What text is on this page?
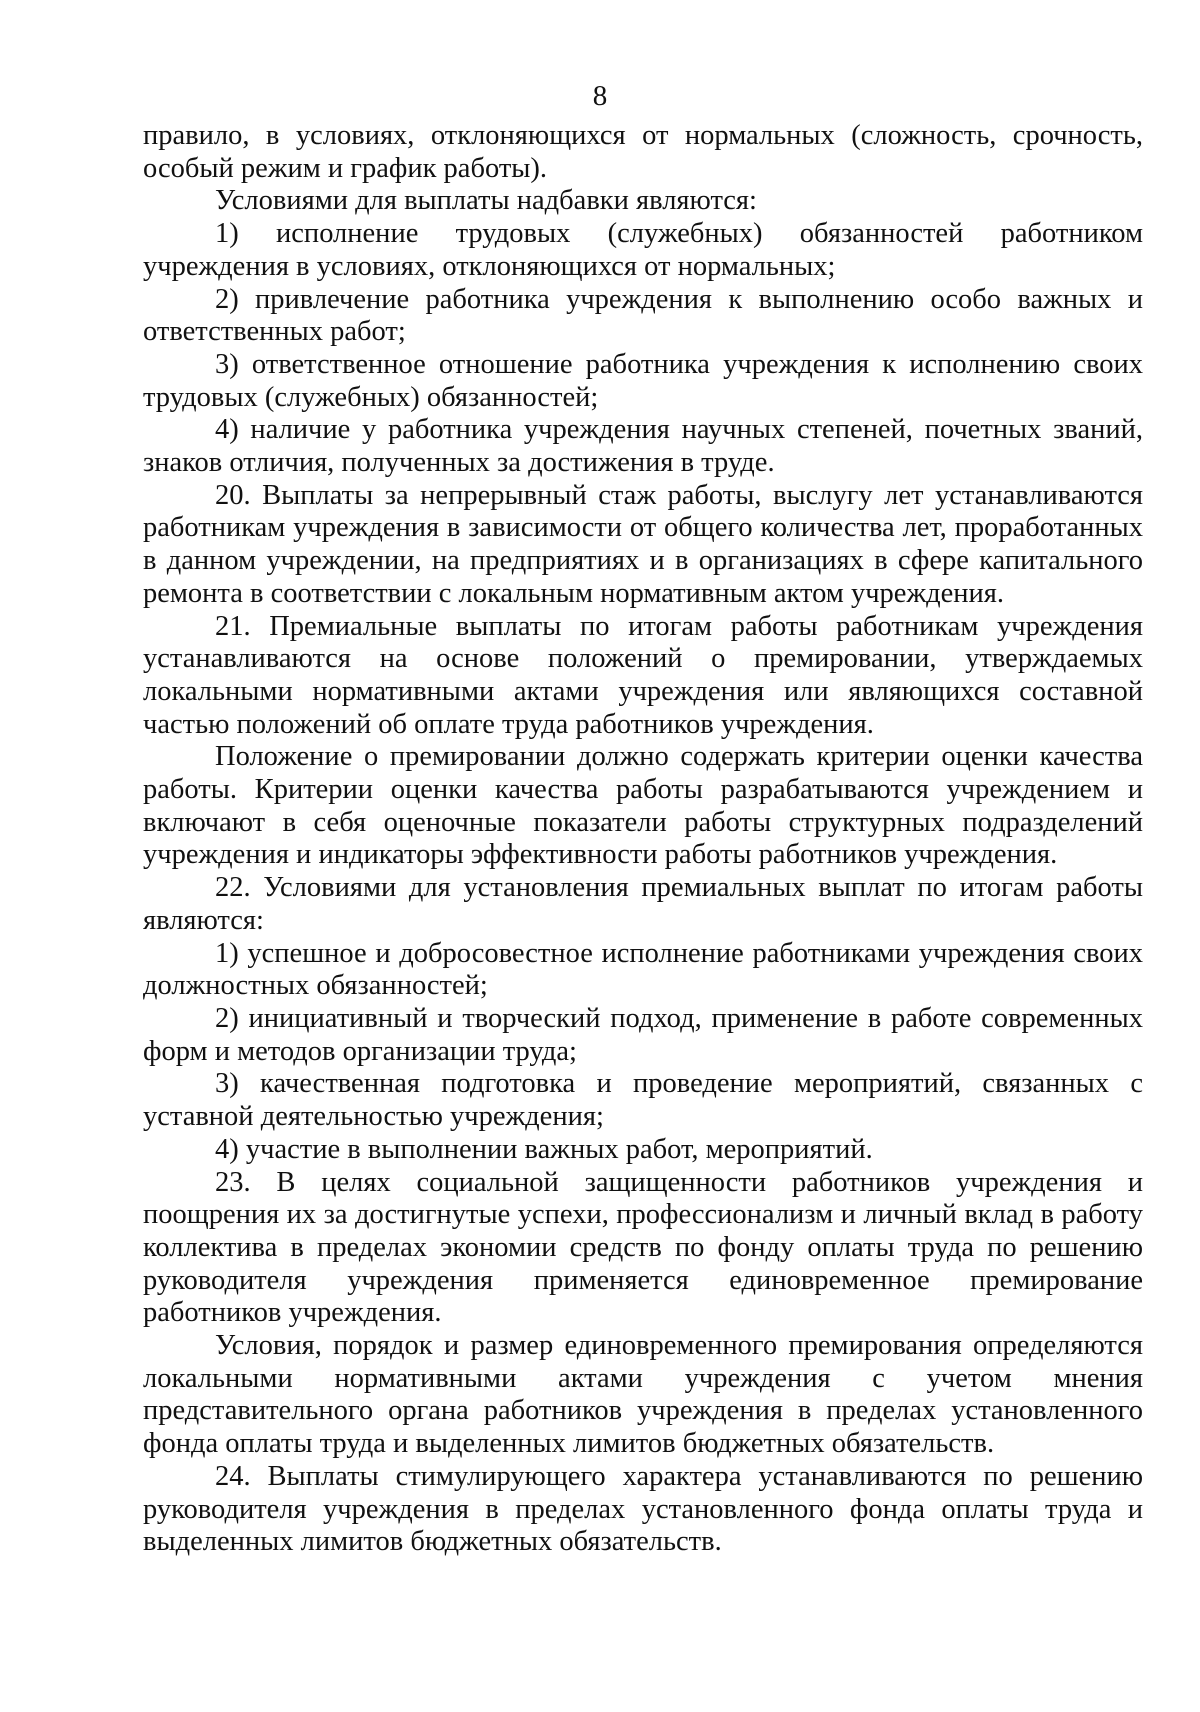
8

правило, в условиях, отклоняющихся от нормальных (сложность, срочность, особый режим и график работы).

Условиями для выплаты надбавки являются:

1) исполнение трудовых (служебных) обязанностей работником учреждения в условиях, отклоняющихся от нормальных;

2) привлечение работника учреждения к выполнению особо важных и ответственных работ;

3) ответственное отношение работника учреждения к исполнению своих трудовых (служебных) обязанностей;

4) наличие у работника учреждения научных степеней, почетных званий, знаков отличия, полученных за достижения в труде.

20. Выплаты за непрерывный стаж работы, выслугу лет устанавливаются работникам учреждения в зависимости от общего количества лет, проработанных в данном учреждении, на предприятиях и в организациях в сфере капитального ремонта в соответствии с локальным нормативным актом учреждения.

21. Премиальные выплаты по итогам работы работникам учреждения устанавливаются на основе положений о премировании, утверждаемых локальными нормативными актами учреждения или являющихся составной частью положений об оплате труда работников учреждения.

Положение о премировании должно содержать критерии оценки качества работы. Критерии оценки качества работы разрабатываются учреждением и включают в себя оценочные показатели работы структурных подразделений учреждения и индикаторы эффективности работы работников учреждения.

22. Условиями для установления премиальных выплат по итогам работы являются:

1) успешное и добросовестное исполнение работниками учреждения своих должностных обязанностей;

2) инициативный и творческий подход, применение в работе современных форм и методов организации труда;

3) качественная подготовка и проведение мероприятий, связанных с уставной деятельностью учреждения;

4) участие в выполнении важных работ, мероприятий.

23. В целях социальной защищенности работников учреждения и поощрения их за достигнутые успехи, профессионализм и личный вклад в работу коллектива в пределах экономии средств по фонду оплаты труда по решению руководителя учреждения применяется единовременное премирование работников учреждения.

Условия, порядок и размер единовременного премирования определяются локальными нормативными актами учреждения с учетом мнения представительного органа работников учреждения в пределах установленного фонда оплаты труда и выделенных лимитов бюджетных обязательств.

24. Выплаты стимулирующего характера устанавливаются по решению руководителя учреждения в пределах установленного фонда оплаты труда и выделенных лимитов бюджетных обязательств.
